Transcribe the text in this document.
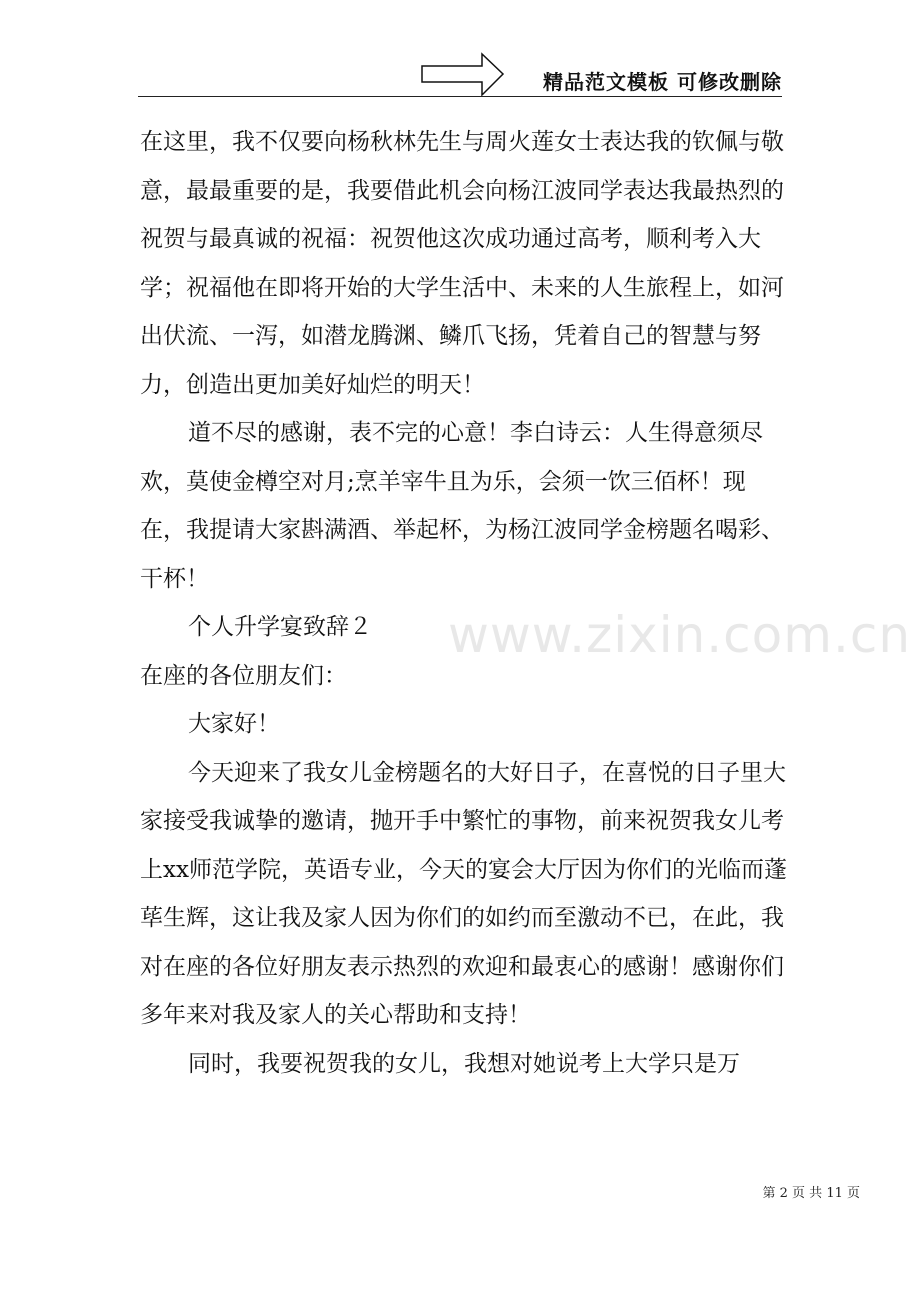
精品范文模板 可修改删除

在这里，我不仅要向杨秋林先生与周火莲女士表达我的钦佩与敬意，最最重要的是，我要借此机会向杨江波同学表达我最热烈的祝贺与最真诚的祝福：祝贺他这次成功通过高考，顺利考入大学；祝福他在即将开始的大学生活中、未来的人生旅程上，如河出伏流、一泻，如潜龙腾渊、鳞爪飞扬，凭着自己的智慧与努力，创造出更加美好灿烂的明天！

道不尽的感谢，表不完的心意！李白诗云：人生得意须尽欢，莫使金樽空对月;烹羊宰牛且为乐，会须一饮三佰杯！现在，我提请大家斟满酒、举起杯，为杨江波同学金榜题名喝彩、干杯！

个人升学宴致辞２

在座的各位朋友们：

大家好！

今天迎来了我女儿金榜题名的大好日子，在喜悦的日子里大家接受我诚挚的邀请，抛开手中繁忙的事物，前来祝贺我女儿考上xx师范学院，英语专业，今天的宴会大厅因为你们的光临而蓬荜生辉，这让我及家人因为你们的如约而至激动不已，在此，我对在座的各位好朋友表示热烈的欢迎和最衷心的感谢！感谢你们多年来对我及家人的关心帮助和支持！

同时，我要祝贺我的女儿，我想对她说考上大学只是万

www.zixin.com.cn
第 2 页 共 11 页
